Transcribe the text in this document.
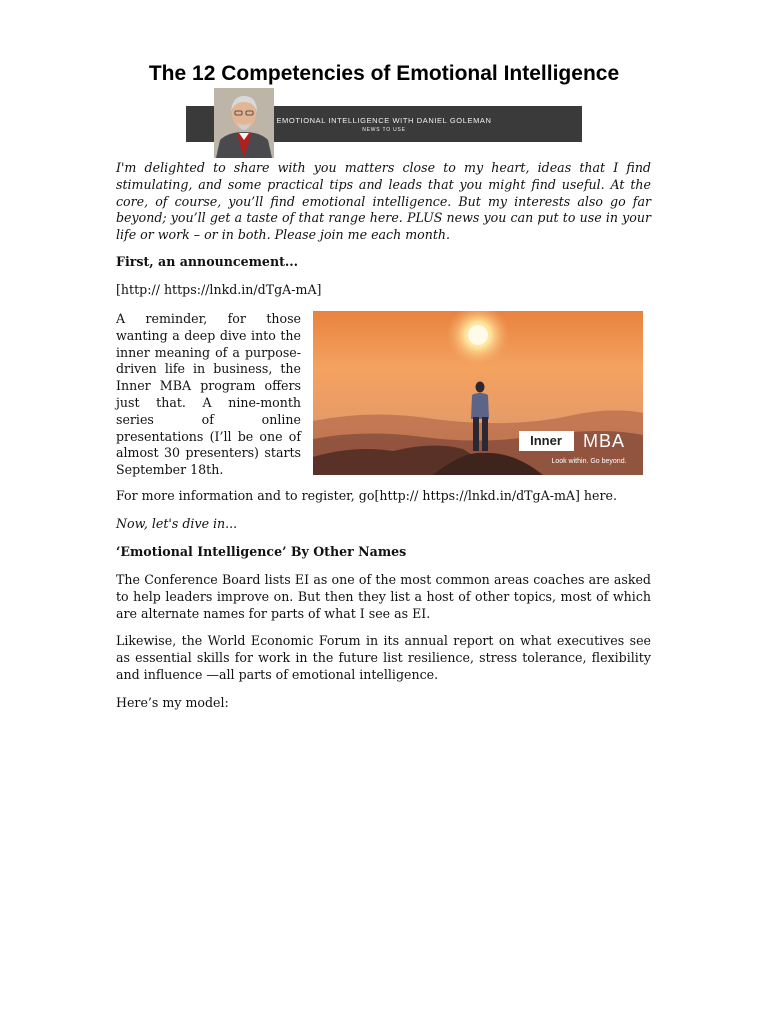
The 12 Competencies of Emotional Intelligence
EMOTIONAL INTELLIGENCE WITH DANIEL GOLEMAN
NEWS TO USE

I'm delighted to share with you matters close to my heart, ideas that I find stimulating, and some practical tips and leads that you might find useful. At the core, of course, you’ll find emotional intelligence. But my interests also go far beyond; you’ll get a taste of that range here. PLUS news you can put to use in your life or work – or in both. Please join me each month.

First, an announcement...

[http:// https://lnkd.in/dTgA-mA]

A reminder, for those wanting a deep dive into the inner meaning of a purpose-driven life in business, the Inner MBA program offers just that. A nine-month series of online presentations (I’ll be one of almost 30 presenters) starts September 18th.

Inner MBA
Look within. Go beyond.

For more information and to register, go[http:// https://lnkd.in/dTgA-mA] here.

Now, let's dive in...

‘Emotional Intelligence’ By Other Names

The Conference Board lists EI as one of the most common areas coaches are asked to help leaders improve on. But then they list a host of other topics, most of which are alternate names for parts of what I see as EI.

Likewise, the World Economic Forum in its annual report on what executives see as essential skills for work in the future list resilience, stress tolerance, flexibility and influence —all parts of emotional intelligence.

Here’s my model:
